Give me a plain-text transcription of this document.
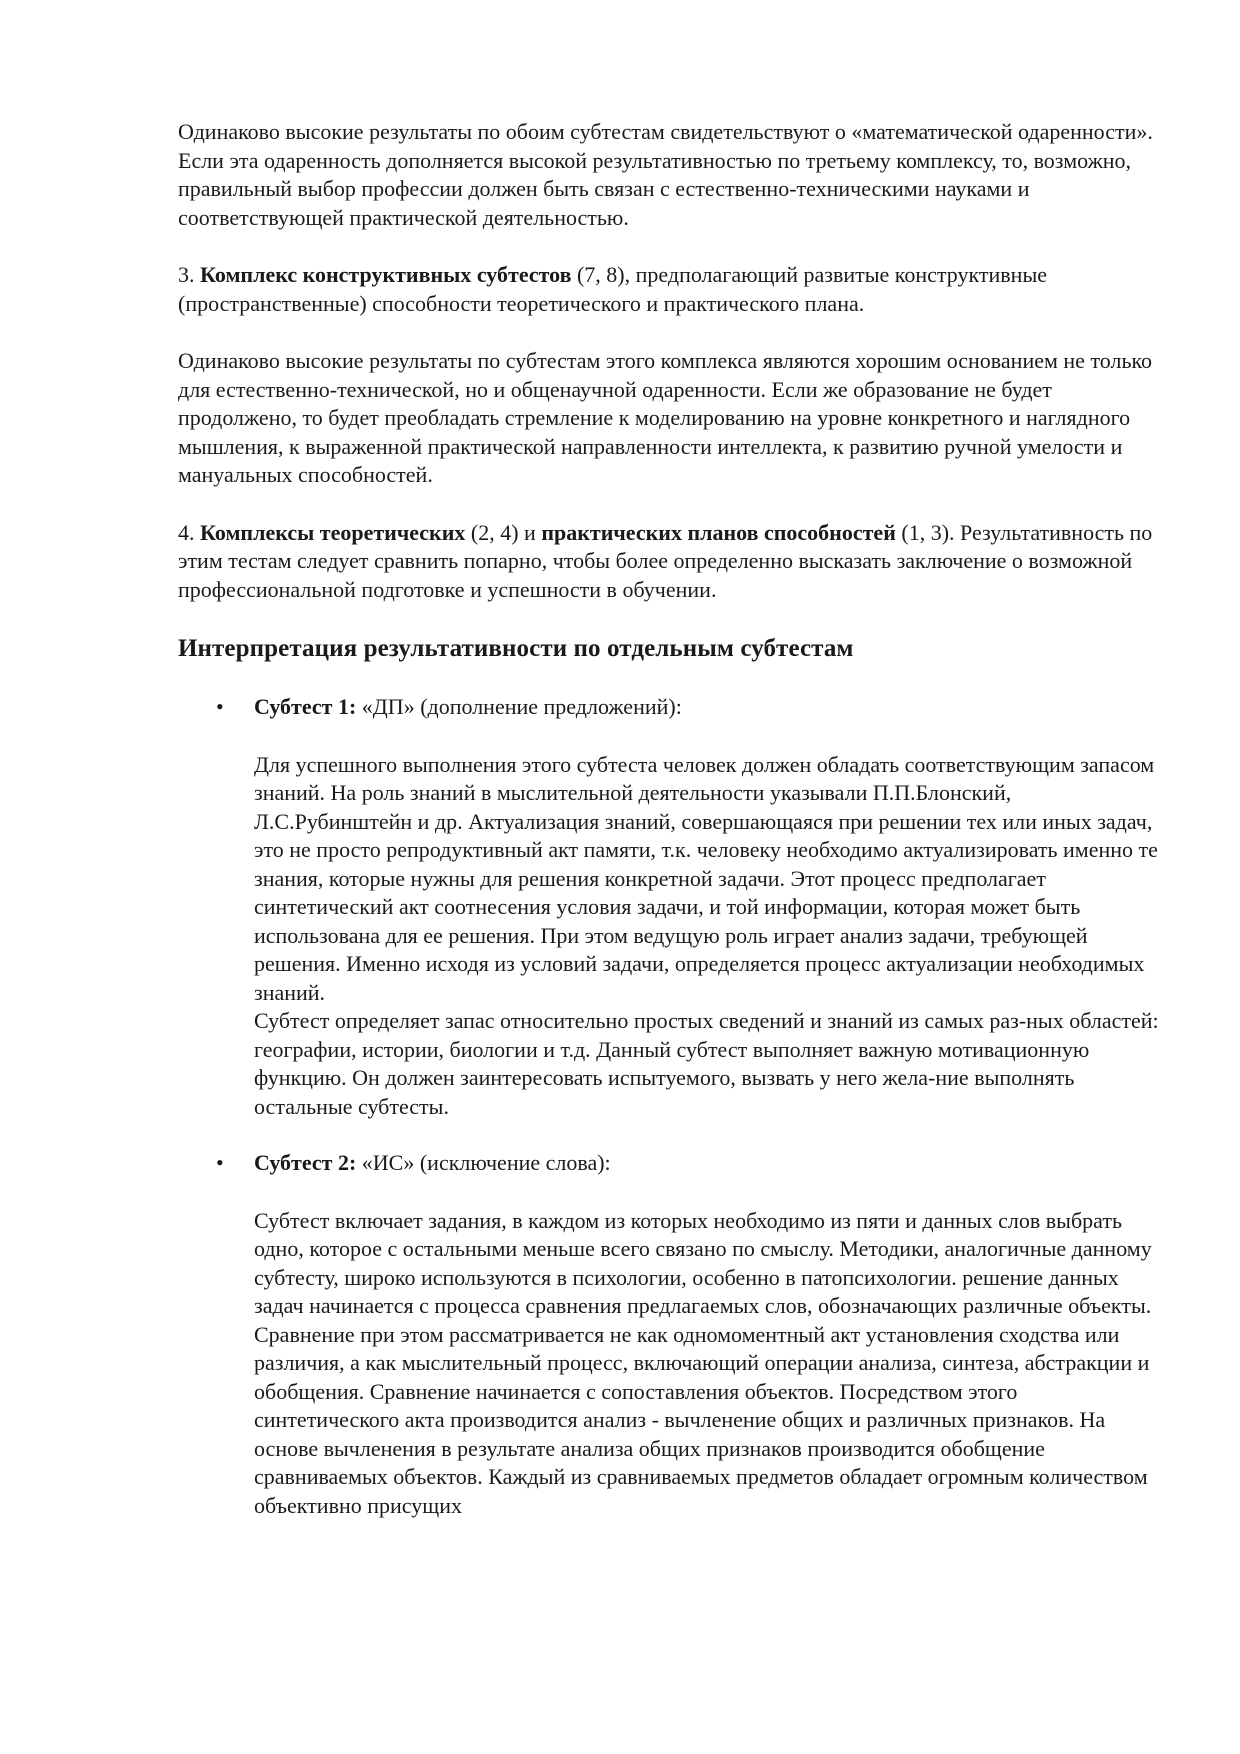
Одинаково высокие результаты по обоим субтестам свидетельствуют о «математической одаренности». Если эта одаренность дополняется высокой результативностью по третьему комплексу, то, возможно, правильный выбор профессии должен быть связан с естественно-техническими науками и соответствующей практической деятельностью.

3. Комплекс конструктивных субтестов (7, 8), предполагающий развитые конструктивные (пространственные) способности теоретического и практического плана.

Одинаково высокие результаты по субтестам этого комплекса являются хорошим основанием не только для естественно-технической, но и общенаучной одаренности. Если же образование не будет продолжено, то будет преобладать стремление к моделированию на уровне конкретного и наглядного мышления, к выраженной практической направленности интеллекта, к развитию ручной умелости и мануальных способностей.

4. Комплексы теоретических (2, 4) и практических планов способностей (1, 3). Результативность по этим тестам следует сравнить попарно, чтобы более определенно высказать заключение о возможной профессиональной подготовке и успешности в обучении.

Интерпретация результативности по отдельным субтестам
• Субтест 1: «ДП» (дополнение предложений):

Для успешного выполнения этого субтеста человек должен обладать соответствующим запасом знаний. На роль знаний в мыслительной деятельности указывали П.П.Блонский, Л.С.Рубинштейн и др. Актуализация знаний, совершающаяся при решении тех или иных задач, это не просто репродуктивный акт памяти, т.к. человеку необходимо актуализировать именно те знания, которые нужны для решения конкретной задачи. Этот процесс предполагает синтетический акт соотнесения условия задачи, и той информации, которая может быть использована для ее решения. При этом ведущую роль играет анализ задачи, требующей решения. Именно исходя из условий задачи, определяется процесс актуализации необходимых знаний.

Субтест определяет запас относительно простых сведений и знаний из самых раз-ных областей: географии, истории, биологии и т.д. Данный субтест выполняет важную мотивационную функцию. Он должен заинтересовать испытуемого, вызвать у него жела-ние выполнять остальные субтесты.

• Субтест 2: «ИС» (исключение слова):

Субтест включает задания, в каждом из которых необходимо из пяти и данных слов выбрать одно, которое с остальными меньше всего связано по смыслу. Методики, аналогичные данному субтесту, широко используются в психологии, особенно в патопсихологии. решение данных задач начинается с процесса сравнения предлагаемых слов, обозначающих различные объекты. Сравнение при этом рассматривается не как одномоментный акт установления сходства или различия, а как мыслительный процесс, включающий операции анализа, синтеза, абстракции и обобщения. Сравнение начинается с сопоставления объектов. Посредством этого синтетического акта производится анализ - вычленение общих и различных признаков. На основе вычленения в результате анализа общих признаков производится обобщение сравниваемых объектов. Каждый из сравниваемых предметов обладает огромным количеством объективно присущих
